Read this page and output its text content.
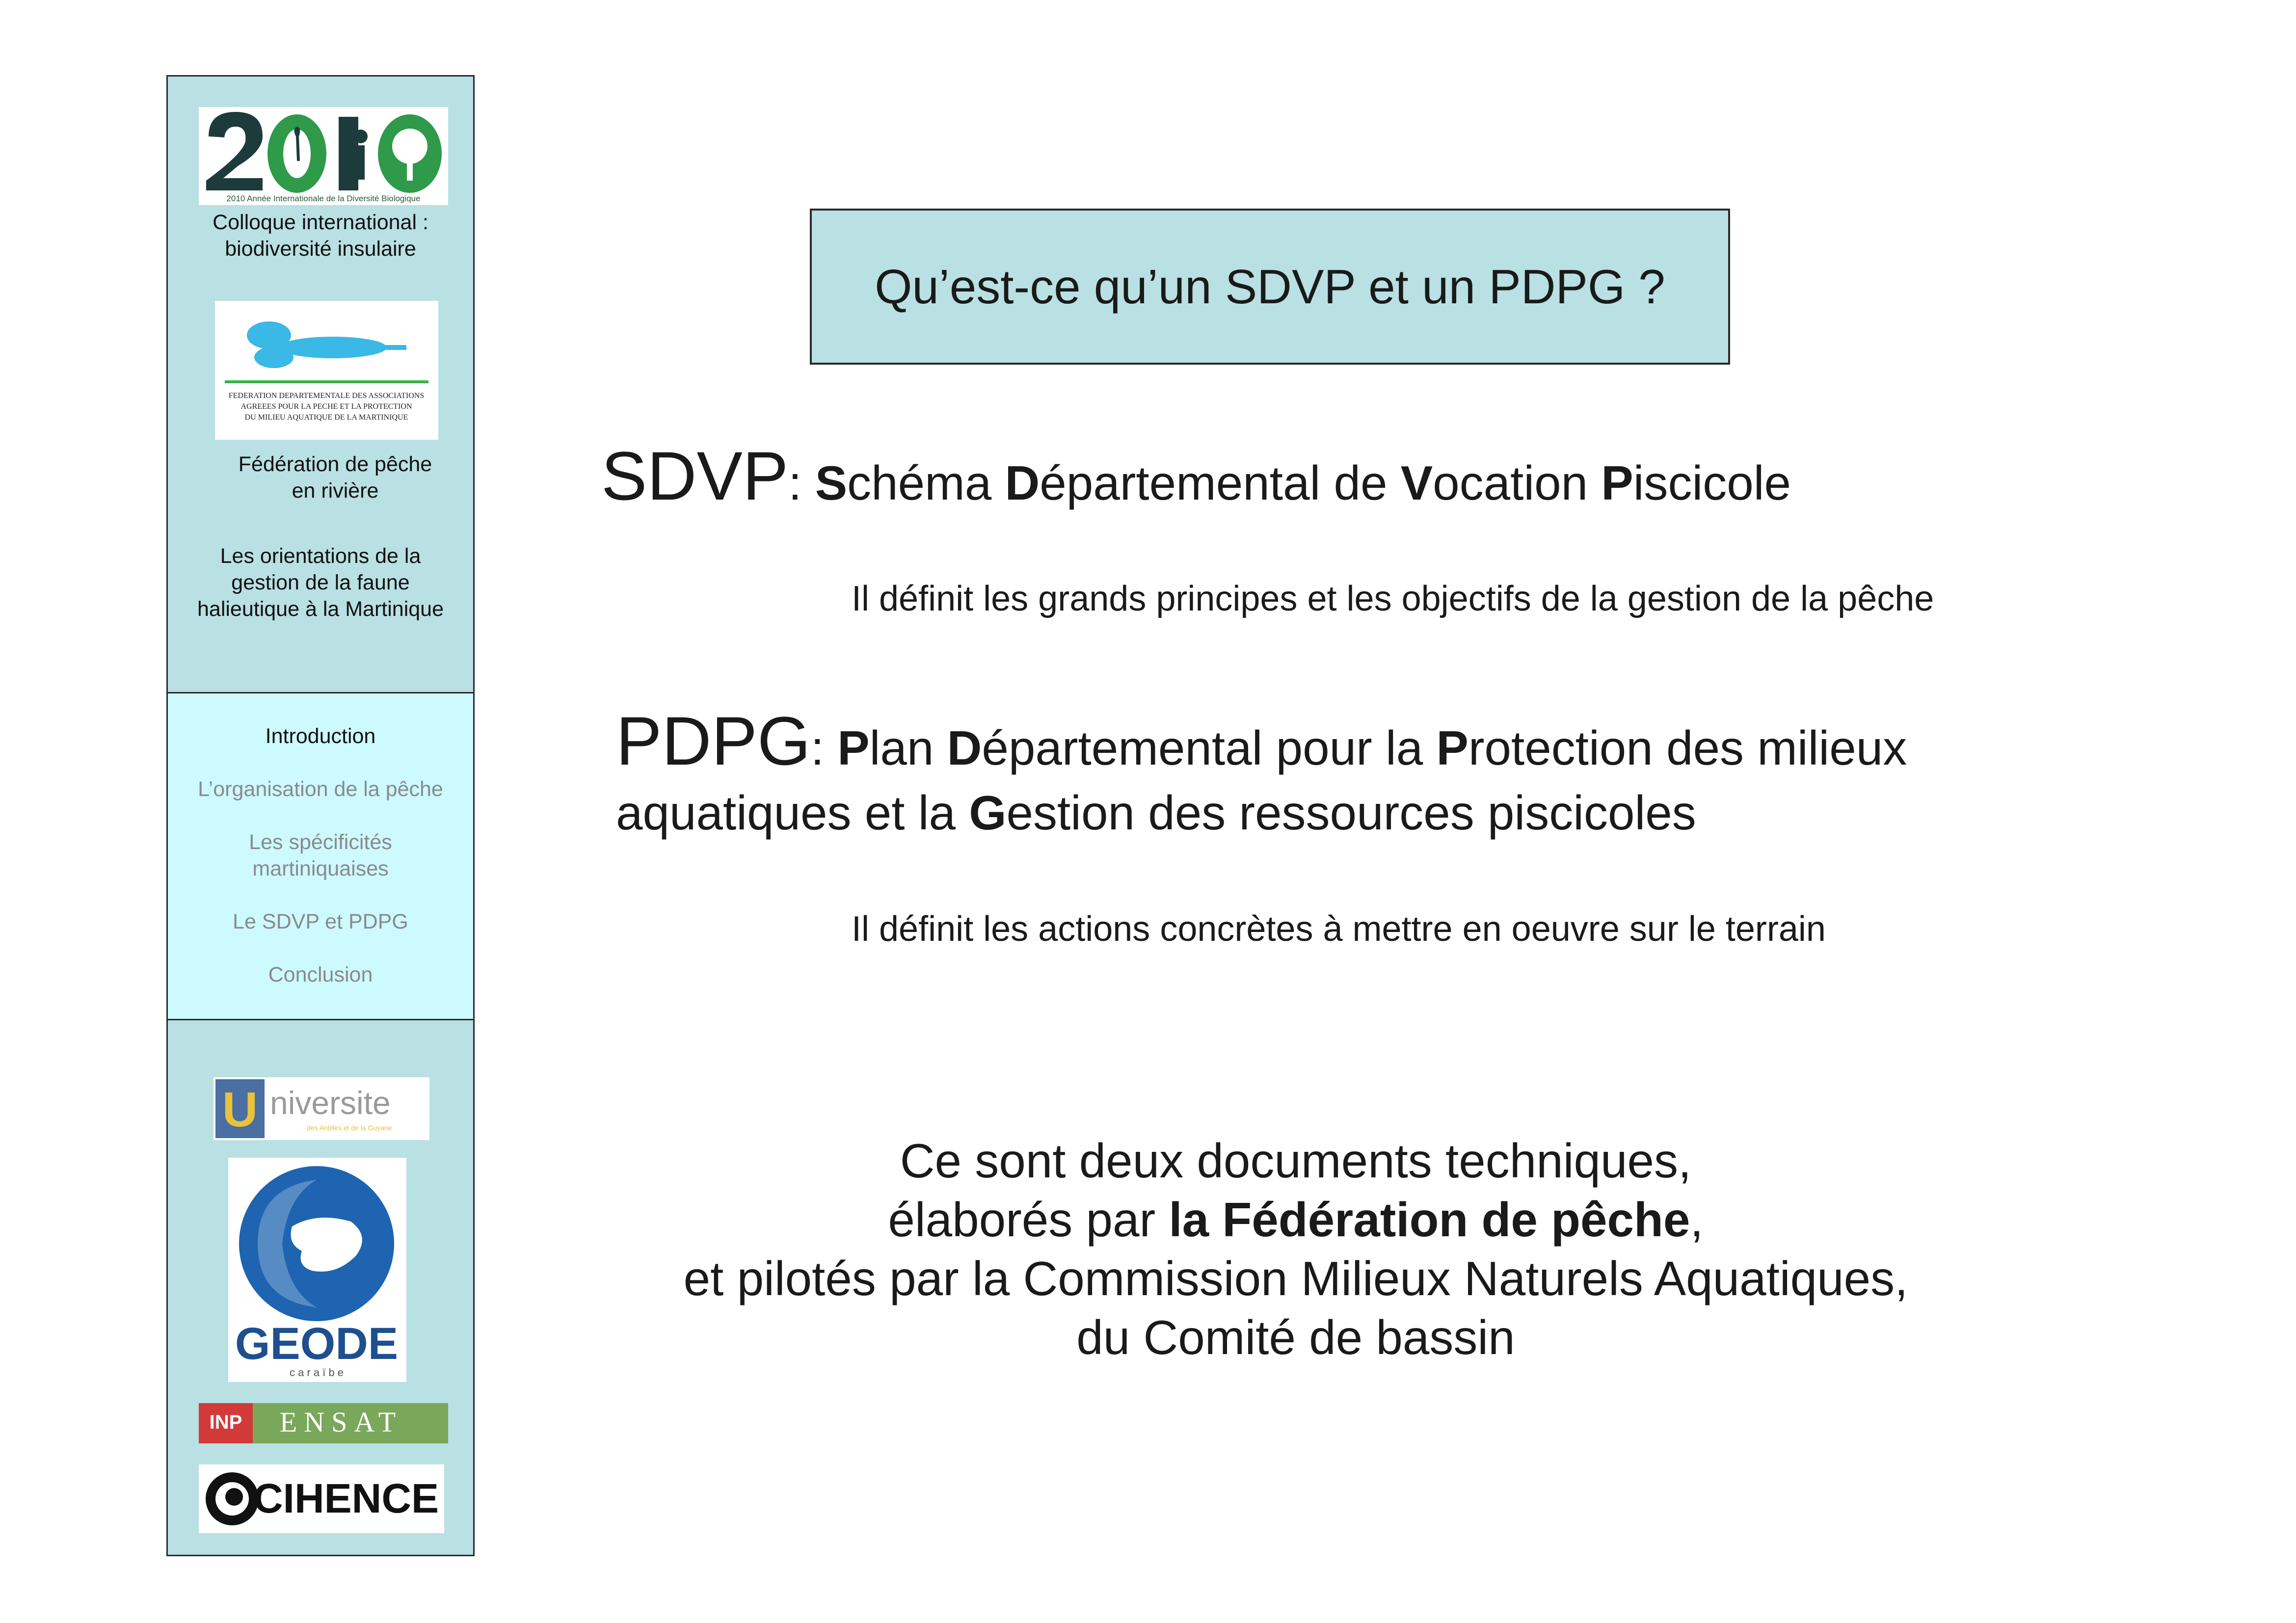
2010 Année Internationale de la Diversité Biologique
Colloque international :
biodiversité insulaire
FEDERATION DEPARTEMENTALE DES ASSOCIATIONS
AGREEES POUR LA PECHE ET LA PROTECTION
DU MILIEU AQUATIQUE DE LA MARTINIQUE
Fédération de pêche
en rivière
Les orientations de la
gestion de la faune
halieutique à la Martinique
Introduction
L’organisation de la pêche
Les spécificités
martiniquaises
Le SDVP et PDPG
Conclusion
U niversite
des Antilles et de la Guyane
GEODE
c a r a ï b e
INP ENSAT
CIHENCE
Qu’est-ce qu’un SDVP et un PDPG ?
SDVP: Schéma Départemental de Vocation Piscicole
Il définit les grands principes et les objectifs de la gestion de la pêche
PDPG: Plan Départemental pour la Protection des milieux
aquatiques et la Gestion des ressources piscicoles
Il définit les actions concrètes à mettre en oeuvre sur le terrain
Ce sont deux documents techniques,
élaborés par la Fédération de pêche,
et pilotés par la Commission Milieux Naturels Aquatiques,
du Comité de bassin
